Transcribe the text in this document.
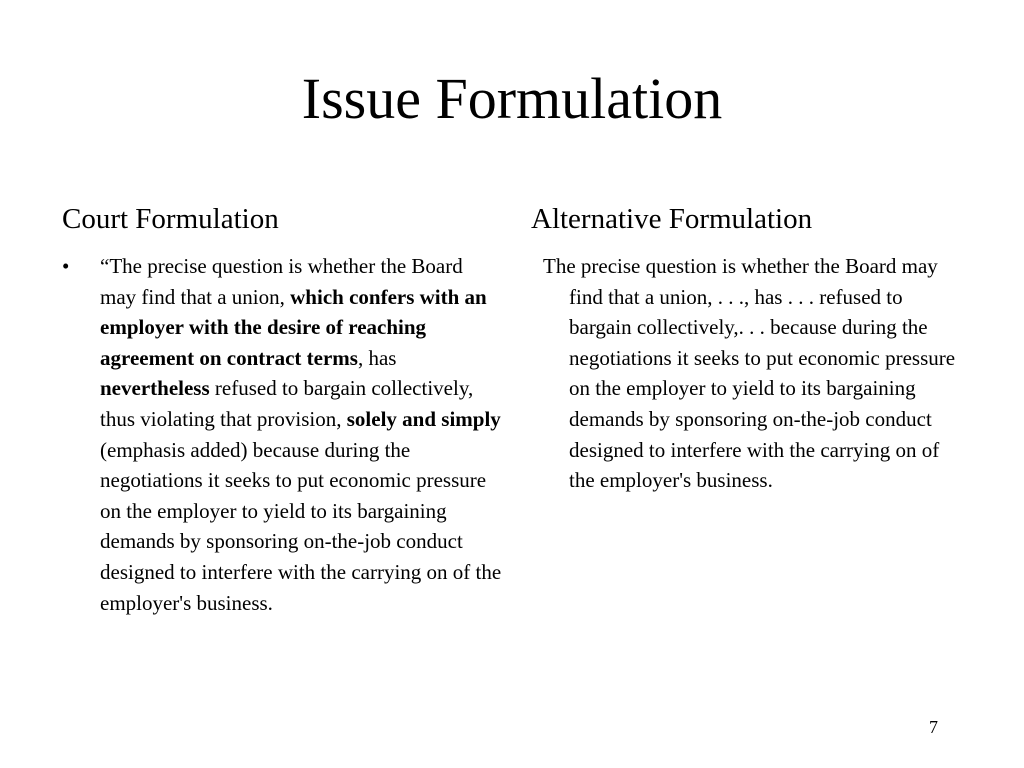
Issue Formulation
Court Formulation	Alternative Formulation
• “The precise question is whether the Board may find that a union, which confers with an employer with the desire of reaching agreement on contract terms, has nevertheless refused to bargain collectively, thus violating that provision, solely and simply (emphasis added) because during the negotiations it seeks to put economic pressure on the employer to yield to its bargaining demands by sponsoring on-the-job conduct designed to interfere with the carrying on of the employer's business.

The precise question is whether the Board may find that a union, . . ., has . . . refused to bargain collectively,. . . because during the negotiations it seeks to put economic pressure on the employer to yield to its bargaining demands by sponsoring on-the-job conduct designed to interfere with the carrying on of the employer's business.

7
